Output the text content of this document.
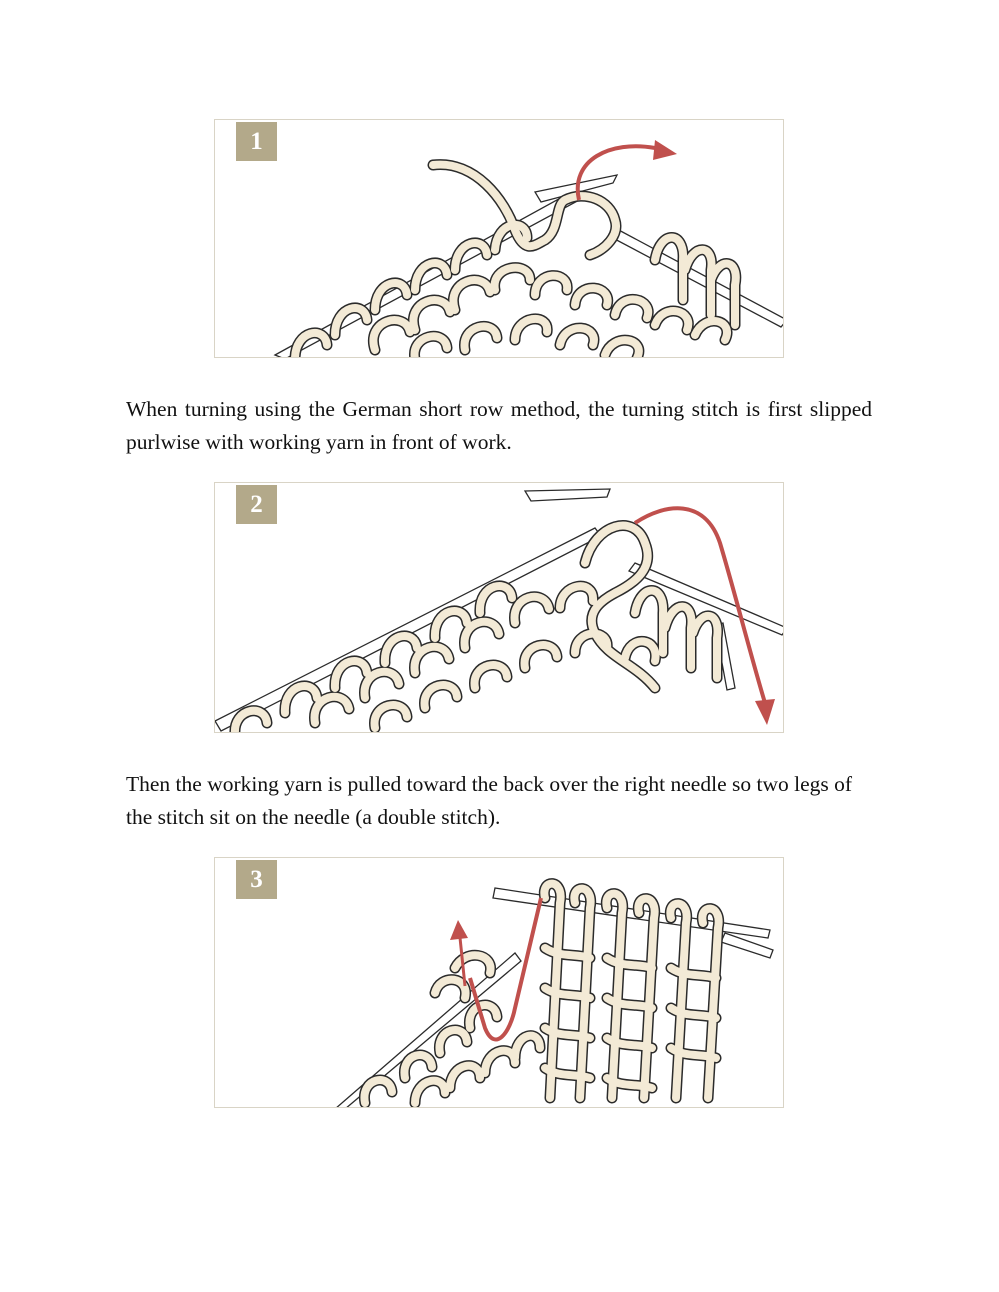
1

When turning using the German short row method, the turning stitch is first slipped purlwise with working yarn in front of work.

2

Then the working yarn is pulled toward the back over the right needle so two legs of the stitch sit on the needle (a double stitch).

3
